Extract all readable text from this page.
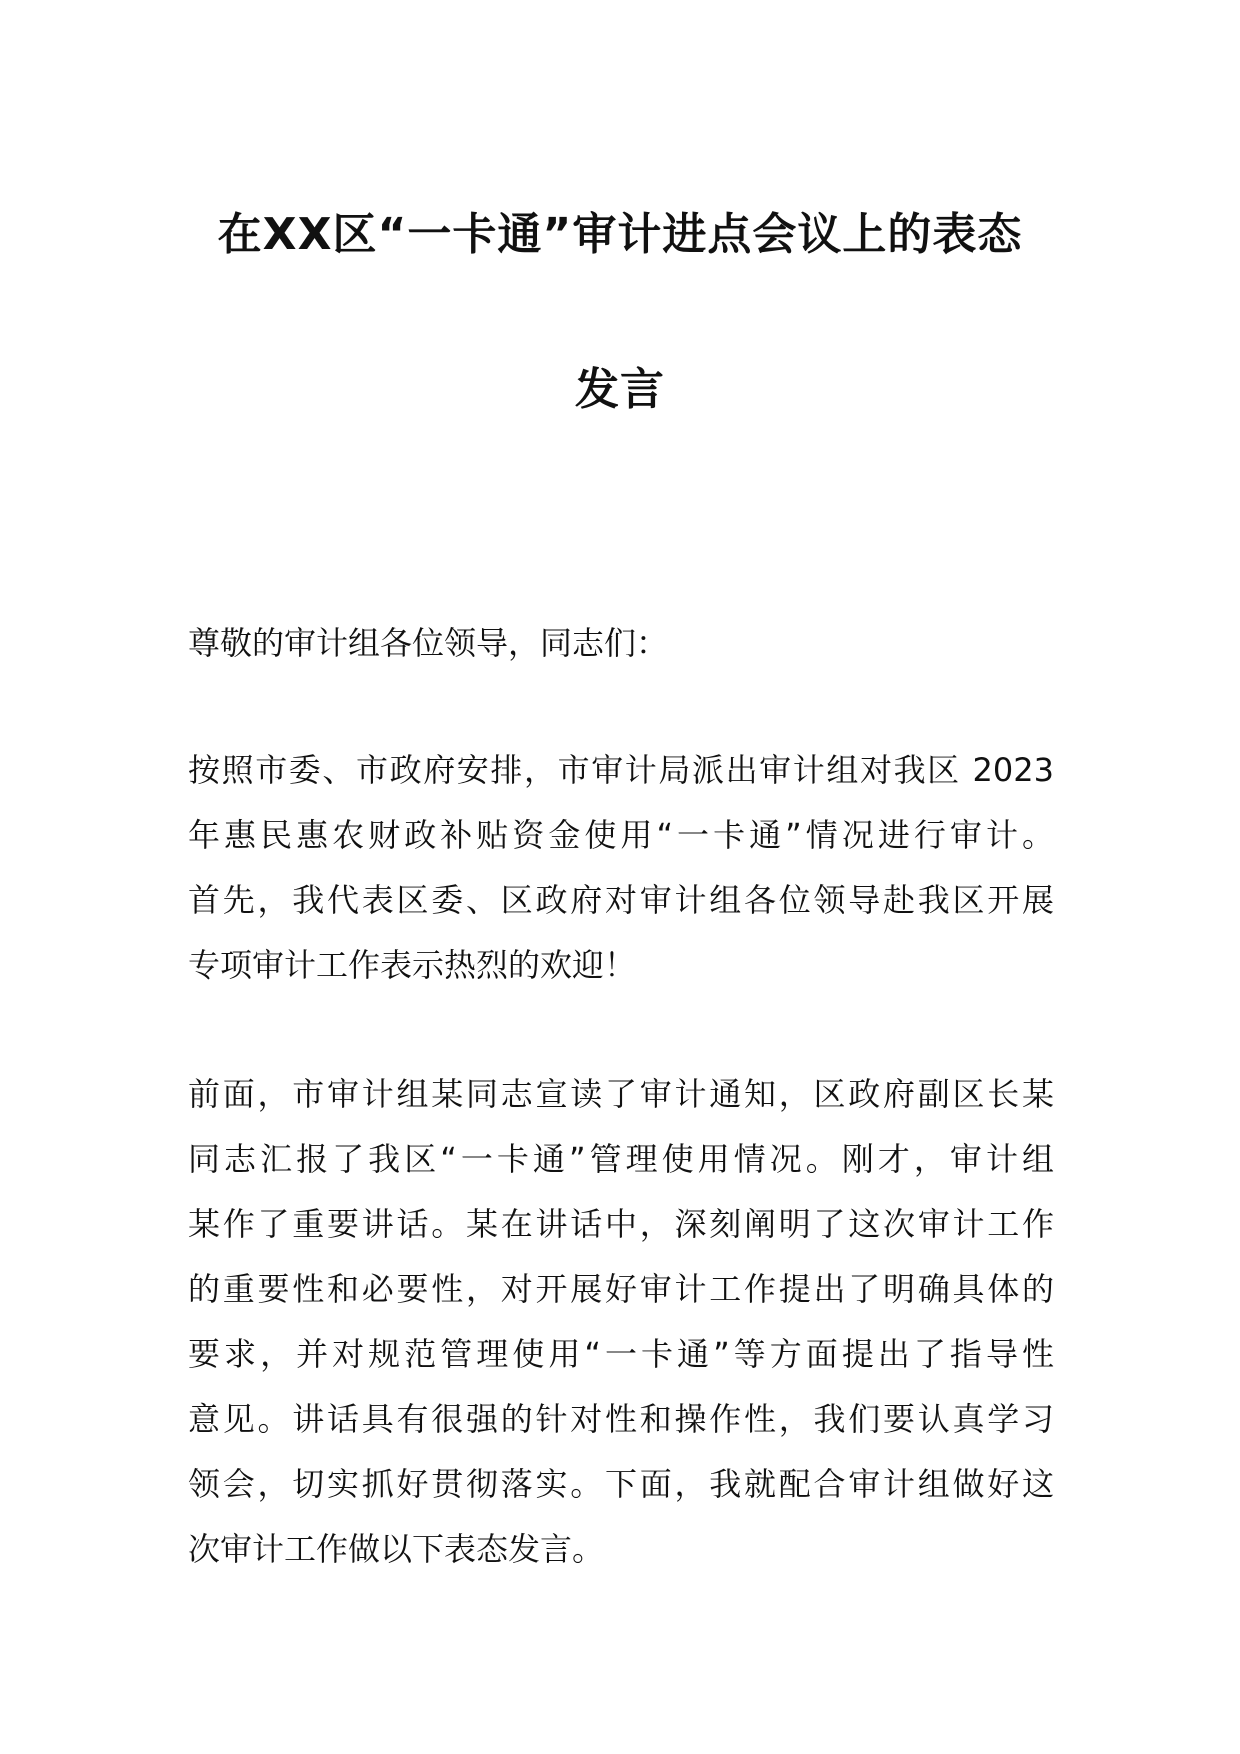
在XX区“一卡通”审计进点会议上的表态
发言
尊敬的审计组各位领导，同志们：
按照市委、市政府安排，市审计局派出审计组对我区 2023
年惠民惠农财政补贴资金使用“一卡通”情况进行审计。
首先，我代表区委、区政府对审计组各位领导赴我区开展
专项审计工作表示热烈的欢迎！
前面，市审计组某同志宣读了审计通知，区政府副区长某
同志汇报了我区“一卡通”管理使用情况。刚才，审计组
某作了重要讲话。某在讲话中，深刻阐明了这次审计工作
的重要性和必要性，对开展好审计工作提出了明确具体的
要求，并对规范管理使用“一卡通”等方面提出了指导性
意见。讲话具有很强的针对性和操作性，我们要认真学习
领会，切实抓好贯彻落实。下面，我就配合审计组做好这
次审计工作做以下表态发言。
